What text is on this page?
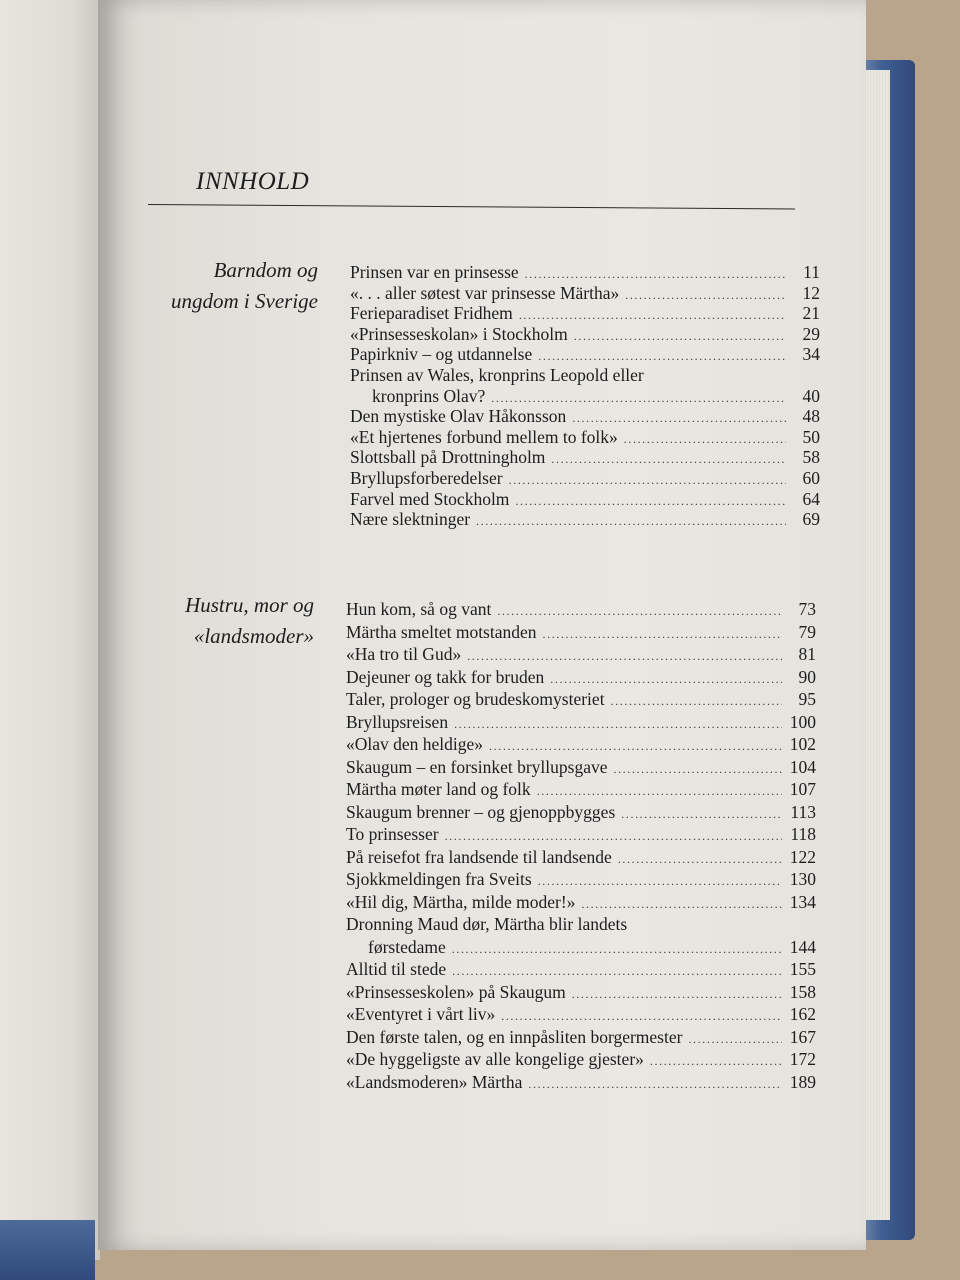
INNHOLD
Barndom og
ungdom i Sverige
Prinsen var en prinsesse .....	11
«. . . aller søtest var prinsesse Märtha» .....	12
Ferieparadiset Fridhem .....	21
«Prinsesseskolan» i Stockholm .....	29
Papirkniv – og utdannelse .....	34
Prinsen av Wales, kronprins Leopold eller
kronprins Olav? .....	40
Den mystiske Olav Håkonsson .....	48
«Et hjertenes forbund mellem to folk» .....	50
Slottsball på Drottningholm .....	58
Bryllupsforberedelser .....	60
Farvel med Stockholm .....	64
Nære slektninger .....	69
Hustru, mor og
«landsmoder»
Hun kom, så og vant .....	73
Märtha smeltet motstanden .....	79
«Ha tro til Gud» .....	81
Dejeuner og takk for bruden .....	90
Taler, prologer og brudeskomysteriet .....	95
Bryllupsreisen .....	100
«Olav den heldige» .....	102
Skaugum – en forsinket bryllupsgave .....	104
Märtha møter land og folk .....	107
Skaugum brenner – og gjenoppbygges .....	113
To prinsesser .....	118
På reisefot fra landsende til landsende .....	122
Sjokkmeldingen fra Sveits .....	130
«Hil dig, Märtha, milde moder!» .....	134
Dronning Maud dør, Märtha blir landets
førstedame .....	144
Alltid til stede .....	155
«Prinsesseskolen» på Skaugum .....	158
«Eventyret i vårt liv» .....	162
Den første talen, og en innpåsliten borgermester .....	167
«De hyggeligste av alle kongelige gjester» .....	172
«Landsmoderen» Märtha .....	189
